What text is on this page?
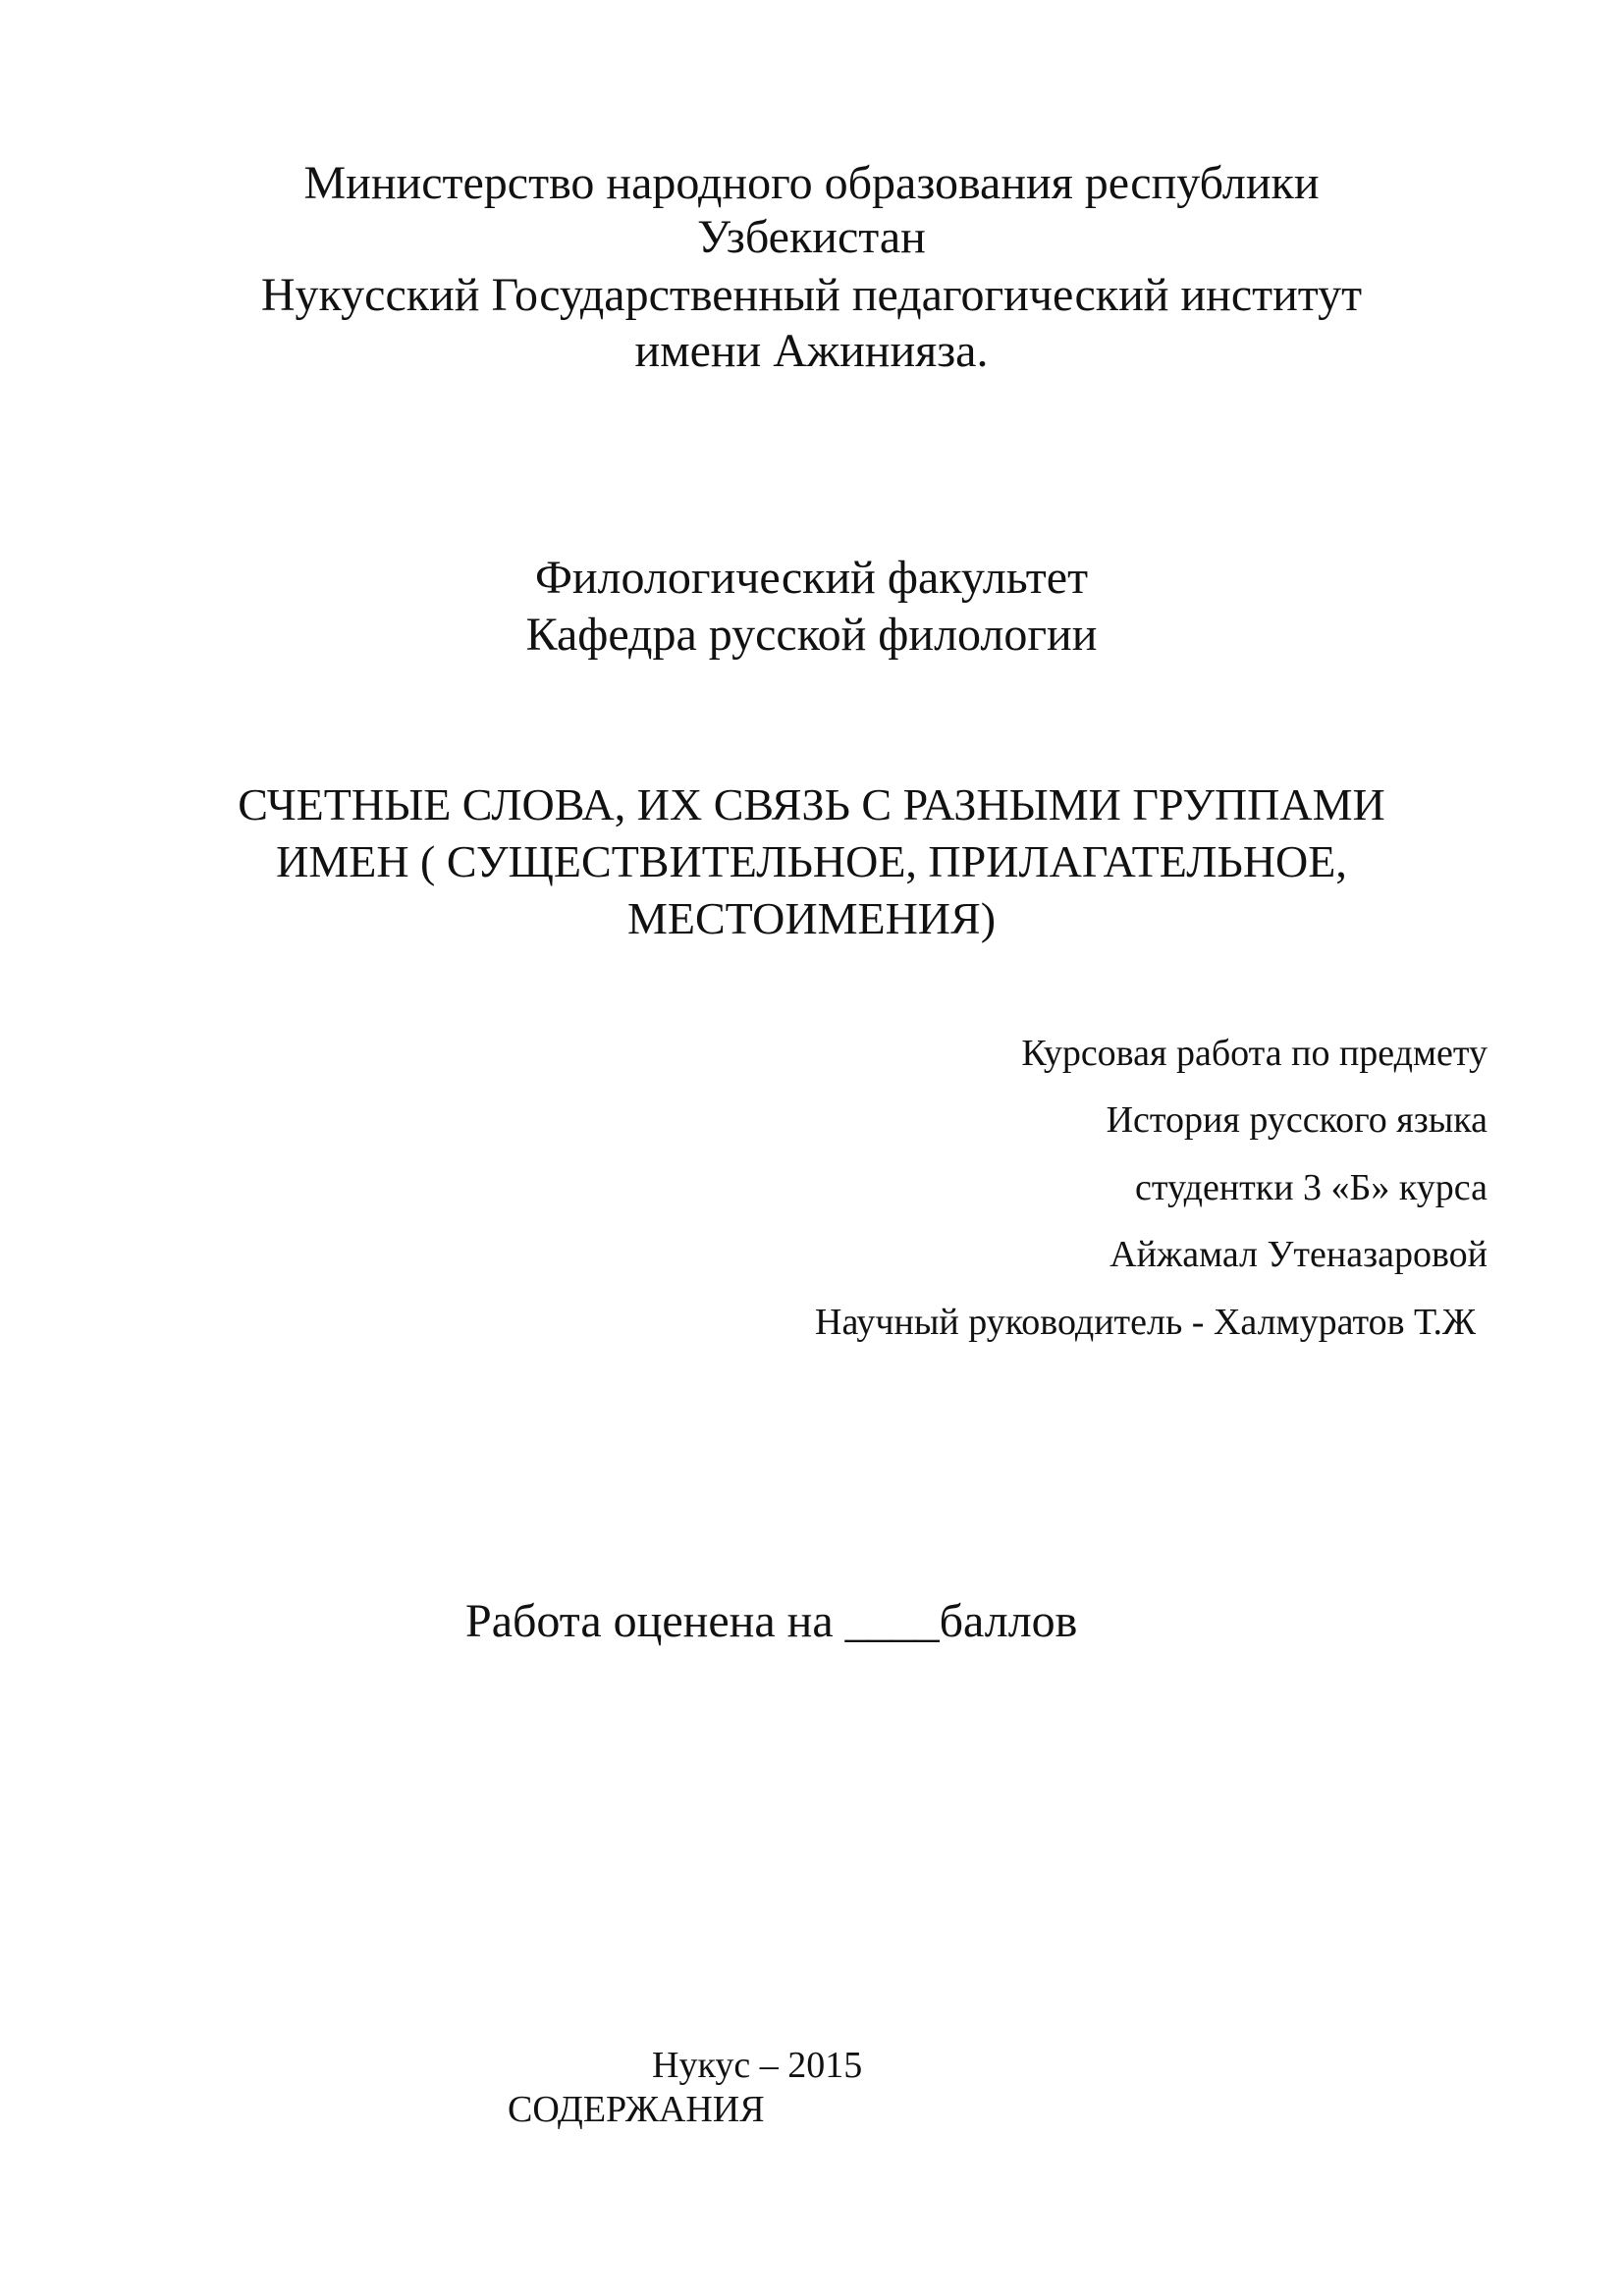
Министерство народного образования республики
Узбекистан
Нукусский Государственный педагогический институт
имени Ажинияза.
Филологический факультет
Кафедра русской филологии
СЧЕТНЫЕ СЛОВА, ИХ СВЯЗЬ С РАЗНЫМИ ГРУППАМИ
ИМЕН ( СУЩЕСТВИТЕЛЬНОЕ, ПРИЛАГАТЕЛЬНОЕ,
МЕСТОИМЕНИЯ)
Курсовая работа по предмету
История русского языка
студентки 3 «Б» курса
Айжамал Утеназаровой
Научный руководитель - Халмуратов Т.Ж
Работа оценена на ____баллов
Нукус – 2015
СОДЕРЖАНИЯ
